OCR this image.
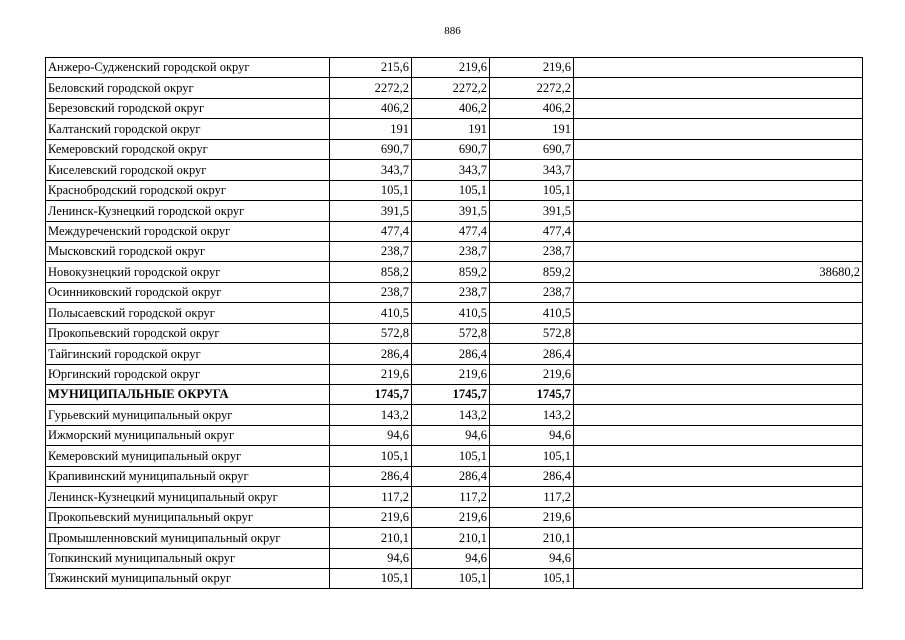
886
Анжеро-Судженский городской округ	215,6	219,6	219,6	
Беловский городской округ	2272,2	2272,2	2272,2	
Березовский городской округ	406,2	406,2	406,2	
Калтанский городской округ	191	191	191	
Кемеровский городской округ	690,7	690,7	690,7	
Киселевский городской округ	343,7	343,7	343,7	
Краснобродский городской округ	105,1	105,1	105,1	
Ленинск-Кузнецкий городской округ	391,5	391,5	391,5	
Междуреченский городской округ	477,4	477,4	477,4	
Мысковский городской округ	238,7	238,7	238,7	
Новокузнецкий городской округ	858,2	859,2	859,2	38680,2
Осинниковский городской округ	238,7	238,7	238,7	
Полысаевский городской округ	410,5	410,5	410,5	
Прокопьевский городской округ	572,8	572,8	572,8	
Тайгинский городской округ	286,4	286,4	286,4	
Юргинский городской округ	219,6	219,6	219,6	
МУНИЦИПАЛЬНЫЕ ОКРУГА	1745,7	1745,7	1745,7	
Гурьевский муниципальный округ	143,2	143,2	143,2	
Ижморский муниципальный округ	94,6	94,6	94,6	
Кемеровский муниципальный округ	105,1	105,1	105,1	
Крапивинский муниципальный округ	286,4	286,4	286,4	
Ленинск-Кузнецкий муниципальный округ	117,2	117,2	117,2	
Прокопьевский муниципальный округ	219,6	219,6	219,6	
Промышленновский муниципальный округ	210,1	210,1	210,1	
Топкинский муниципальный округ	94,6	94,6	94,6	
Тяжинский муниципальный округ	105,1	105,1	105,1	
